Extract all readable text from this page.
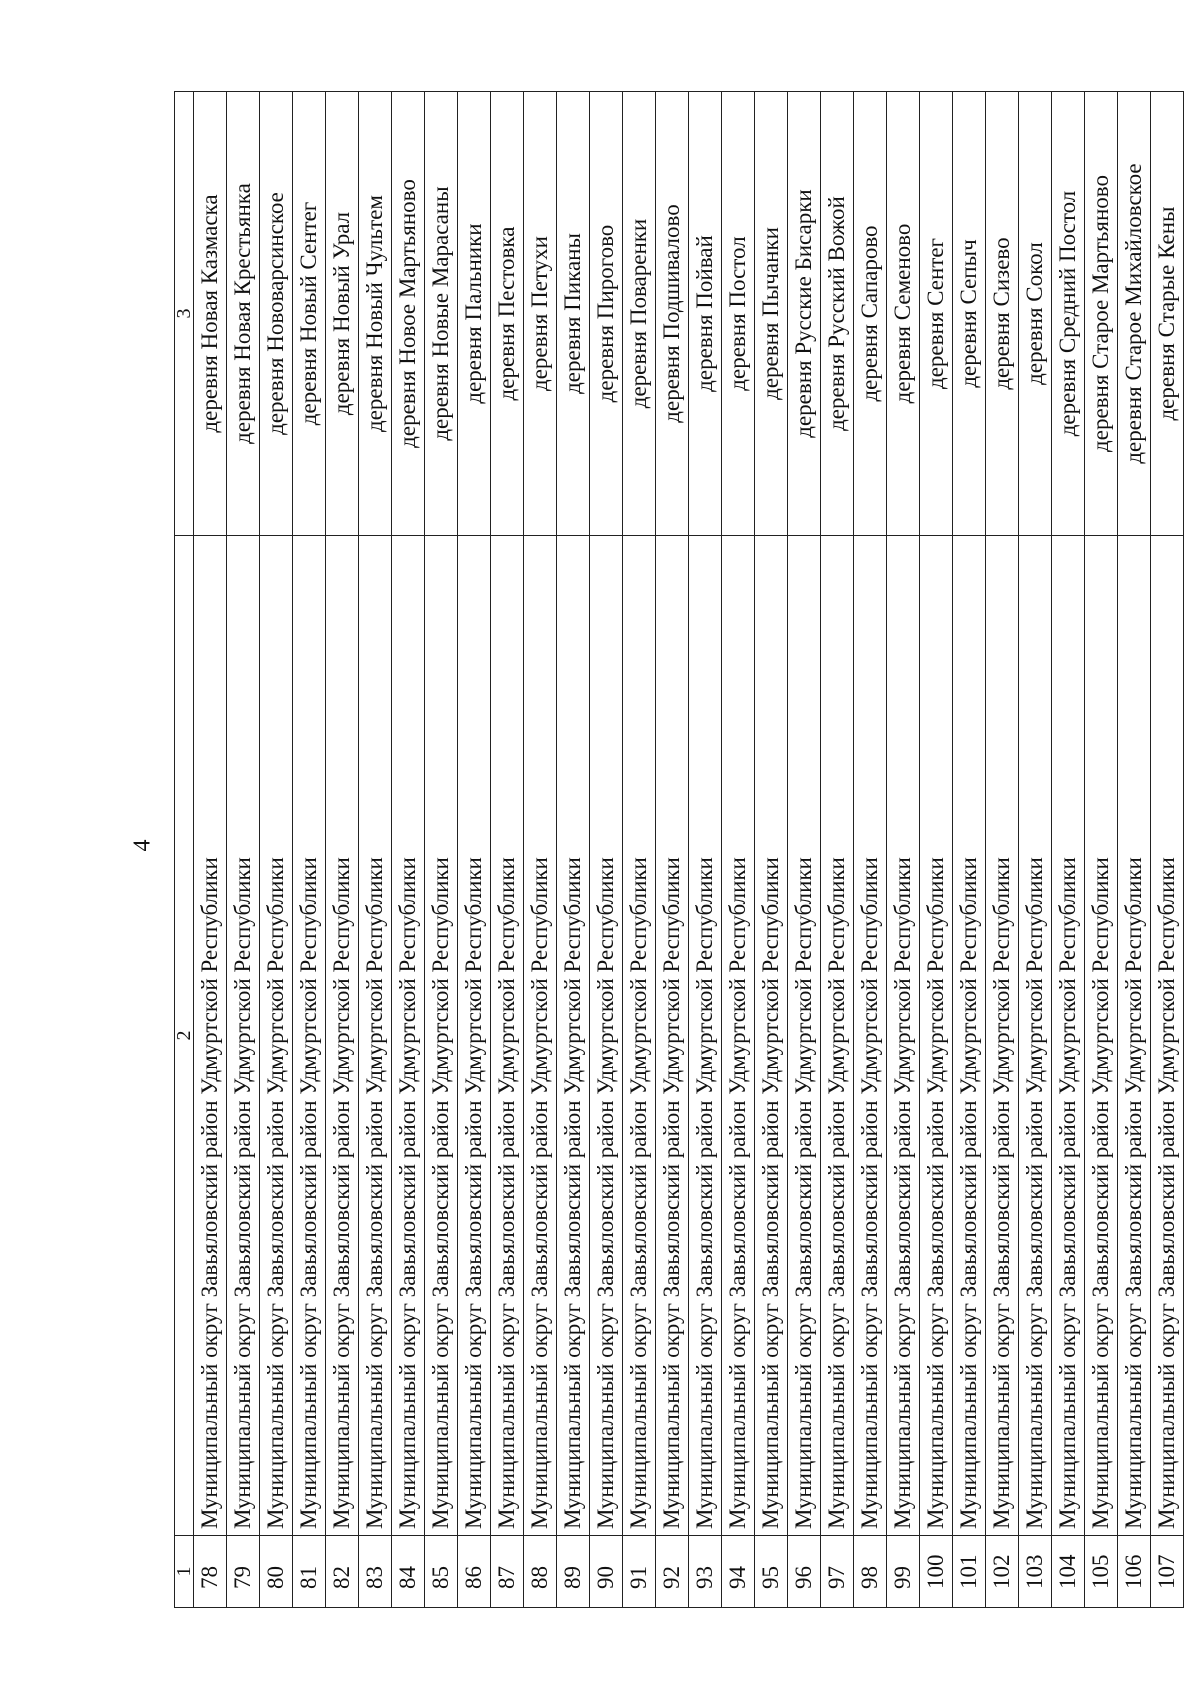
4
1	2	3
78	Муниципальный округ Завьяловский район Удмуртской Республики	деревня Новая Казмаска
79	Муниципальный округ Завьяловский район Удмуртской Республики	деревня Новая Крестьянка
80	Муниципальный округ Завьяловский район Удмуртской Республики	деревня Нововарсинское
81	Муниципальный округ Завьяловский район Удмуртской Республики	деревня Новый Сентег
82	Муниципальный округ Завьяловский район Удмуртской Республики	деревня Новый Урал
83	Муниципальный округ Завьяловский район Удмуртской Республики	деревня Новый Чультем
84	Муниципальный округ Завьяловский район Удмуртской Республики	деревня Новое Мартьяново
85	Муниципальный округ Завьяловский район Удмуртской Республики	деревня Новые Марасаны
86	Муниципальный округ Завьяловский район Удмуртской Республики	деревня Пальники
87	Муниципальный округ Завьяловский район Удмуртской Республики	деревня Пестовка
88	Муниципальный округ Завьяловский район Удмуртской Республики	деревня Петухи
89	Муниципальный округ Завьяловский район Удмуртской Республики	деревня Пиканы
90	Муниципальный округ Завьяловский район Удмуртской Республики	деревня Пирогово
91	Муниципальный округ Завьяловский район Удмуртской Республики	деревня Поваренки
92	Муниципальный округ Завьяловский район Удмуртской Республики	деревня Подшивалово
93	Муниципальный округ Завьяловский район Удмуртской Республики	деревня Пойвай
94	Муниципальный округ Завьяловский район Удмуртской Республики	деревня Постол
95	Муниципальный округ Завьяловский район Удмуртской Республики	деревня Пычанки
96	Муниципальный округ Завьяловский район Удмуртской Республики	деревня Русские Бисарки
97	Муниципальный округ Завьяловский район Удмуртской Республики	деревня Русский Вожой
98	Муниципальный округ Завьяловский район Удмуртской Республики	деревня Сапарово
99	Муниципальный округ Завьяловский район Удмуртской Республики	деревня Семеново
100	Муниципальный округ Завьяловский район Удмуртской Республики	деревня Сентег
101	Муниципальный округ Завьяловский район Удмуртской Республики	деревня Сепыч
102	Муниципальный округ Завьяловский район Удмуртской Республики	деревня Сизево
103	Муниципальный округ Завьяловский район Удмуртской Республики	деревня Сокол
104	Муниципальный округ Завьяловский район Удмуртской Республики	деревня Средний Постол
105	Муниципальный округ Завьяловский район Удмуртской Республики	деревня Старое Мартьяново
106	Муниципальный округ Завьяловский район Удмуртской Республики	деревня Старое Михайловское
107	Муниципальный округ Завьяловский район Удмуртской Республики	деревня Старые Кены
